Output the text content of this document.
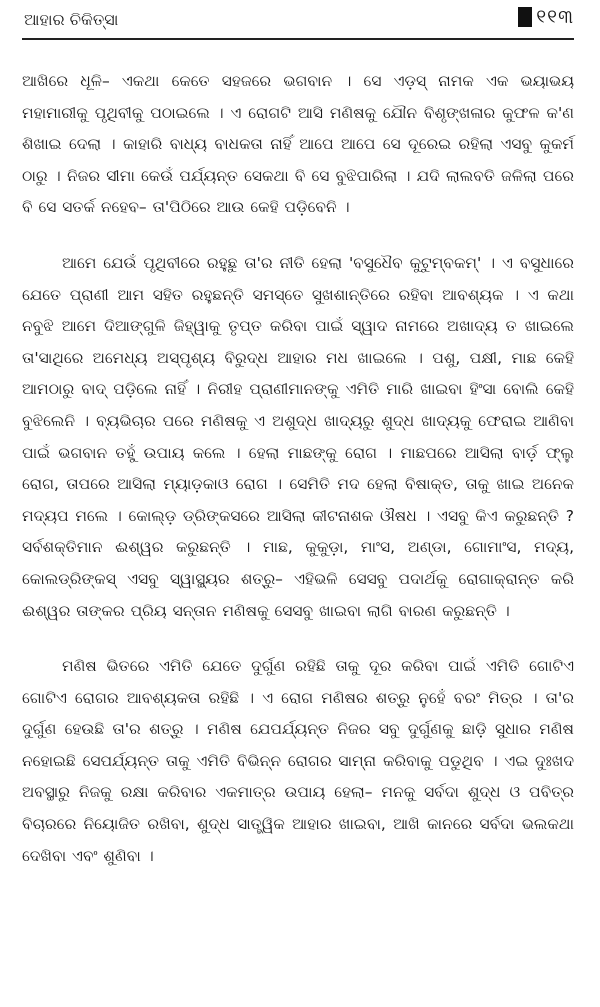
ଆହାର ଚିକିତ୍ସା	୧୧୩

ଆଖିରେ ଧୂଳି– ଏକଥା କେତେ ସହଜରେ ଭଗବାନ । ସେ ଏଡ଼ସ୍ ନାମକ ଏକ ଭୟାଭୟ ମହାମାରୀକୁ ପୃଥିବୀକୁ ପଠାଇଲେ । ଏ ରୋଗଟି ଆସି ମଣିଷକୁ ଯୌନ ବିଶୃଙ୍ଖଳାର କୁଫଳ କ'ଣ ଶିଖାଇ ଦେଲା । କାହାରି ବାଧ୍ୟ ବାଧକତା ନାହିଁ ଆପେ ଆପେ ସେ ଦୂରେଇ ରହିଲା ଏସବୁ କୁକର୍ମ ଠାରୁ । ନିଜର ସୀମା କେଉଁ ପର୍ଯ୍ୟନ୍ତ ସେକଥା ବି ସେ ବୁଝିପାରିଲା । ଯଦି ଲାଲବତି ଜଳିଲା ପରେ ବି ସେ ସତର୍କ ନହେବ– ତା'ପିଠିରେ ଆଉ କେହି ପଡ଼ିବେନି ।

ଆମେ ଯେଉଁ ପୃଥିବୀରେ ରହୁଛୁ ତା'ର ନୀତି ହେଲା 'ବସୁଧୈବ କୁଟୁମ୍ବକମ୍' । ଏ ବସୁଧାରେ ଯେତେ ପ୍ରାଣୀ ଆମ ସହିତ ରହୁଛନ୍ତି ସମସ୍ତେ ସୁଖଶାନ୍ତିରେ ରହିବା ଆବଶ୍ୟକ । ଏ କଥା ନବୁଝି ଆମେ ଦିଆଙ୍ଗୁଳି ଜିହ୍ୱାକୁ ତୃପ୍ତ କରିବା ପାଇଁ ସ୍ୱାଦ ନାମରେ ଅଖାଦ୍ୟ ତ ଖାଇଲେ ତା'ସାଥିରେ ଅମେଧ୍ୟ ଅସ୍ପୃଶ୍ୟ ବିରୁଦ୍ଧ ଆହାର ମଧ ଖାଇଲେ । ପଶୁ, ପକ୍ଷୀ, ମାଛ କେହି ଆମଠାରୁ ବାଦ୍ ପଡ଼ିଲେ ନାହିଁ । ନିରୀହ ପ୍ରାଣୀମାନଙ୍କୁ ଏମିତି ମାରି ଖାଇବା ହିଂସା ବୋଲି କେହି ବୁଝିଲେନି । ବ୍ୟଭିଚାର ପରେ ମଣିଷକୁ ଏ ଅଶୁଦ୍ଧ ଖାଦ୍ୟରୁ ଶୁଦ୍ଧ ଖାଦ୍ୟକୁ ଫେରାଇ ଆଣିବା ପାଇଁ ଭଗବାନ ତହୁଁ ଉପାୟ କଲେ । ହେଲା ମାଛଙ୍କୁ ରୋଗ । ମାଛପରେ ଆସିଲା ବାର୍ଡ଼ ଫ୍ଲୁ ରୋଗ, ତାପରେ ଆସିଲା ମ୍ୟାଡ଼କାଓ ରୋଗ । ସେମିତି ମଦ ହେଲା ବିଷାକ୍ତ, ତାକୁ ଖାଇ ଅନେକ ମଦ୍ୟପ ମଲେ । କୋଲ୍ଡ଼ ଡ୍ରିଙ୍କସରେ ଆସିଲା କୀଟନାଶକ ଔଷଧ । ଏସବୁ କିଏ କରୁଛନ୍ତି ? ସର୍ବଶକ୍ତିମାନ ଈଶ୍ୱର କରୁଛନ୍ତି । ମାଛ, କୁକୁଡ଼ା, ମାଂସ, ଅଣ୍ଡା, ଗୋମାଂସ, ମଦ୍ୟ, କୋଲଡ୍ରିଙ୍କସ୍ ଏସବୁ ସ୍ୱାସ୍ଥ୍ୟର ଶତ୍ରୁ– ଏହିଭଳି ସେସବୁ ପଦାର୍ଥକୁ ରୋଗାକ୍ରାନ୍ତ କରି ଈଶ୍ୱର ତାଙ୍କର ପ୍ରିୟ ସନ୍ତାନ ମଣିଷକୁ ସେସବୁ ଖାଇବା ଲାଗି ବାରଣ କରୁଛନ୍ତି ।

ମଣିଷ ଭିତରେ ଏମିତି ଯେତେ ଦୁର୍ଗୁଣ ରହିଛି ତାକୁ ଦୂର କରିବା ପାଇଁ ଏମିତି ଗୋଟିଏ ଗୋଟିଏ ରୋଗର ଆବଶ୍ୟକତା ରହିଛି । ଏ ରୋଗ ମଣିଷର ଶତ୍ରୁ ନୁହେଁ ବରଂ ମିତ୍ର । ତା'ର ଦୁର୍ଗୁଣ ହେଉଛି ତା'ର ଶତ୍ରୁ । ମଣିଷ ଯେପର୍ଯ୍ୟନ୍ତ ନିଜର ସବୁ ଦୁର୍ଗୁଣକୁ ଛାଡ଼ି ସୁଧାର ମଣିଷ ନହୋଇଛି ସେପର୍ଯ୍ୟନ୍ତ ତାକୁ ଏମିତି ବିଭିନ୍ନ ରୋଗର ସାମ୍ନା କରିବାକୁ ପଡୁଥିବ । ଏଇ ଦୁଃଖଦ ଅବସ୍ଥାରୁ ନିଜକୁ ରକ୍ଷା କରିବାର ଏକମାତ୍ର ଉପାୟ ହେଲା– ମନକୁ ସର୍ବଦା ଶୁଦ୍ଧ ଓ ପବିତ୍ର ବିଚାରରେ ନିୟୋଜିତ ରଖିବା, ଶୁଦ୍ଧ ସାତ୍ତ୍ୱିକ ଆହାର ଖାଇବା, ଆଖି କାନରେ ସର୍ବଦା ଭଲକଥା ଦେଖିବା ଏବଂ ଶୁଣିବା ।
